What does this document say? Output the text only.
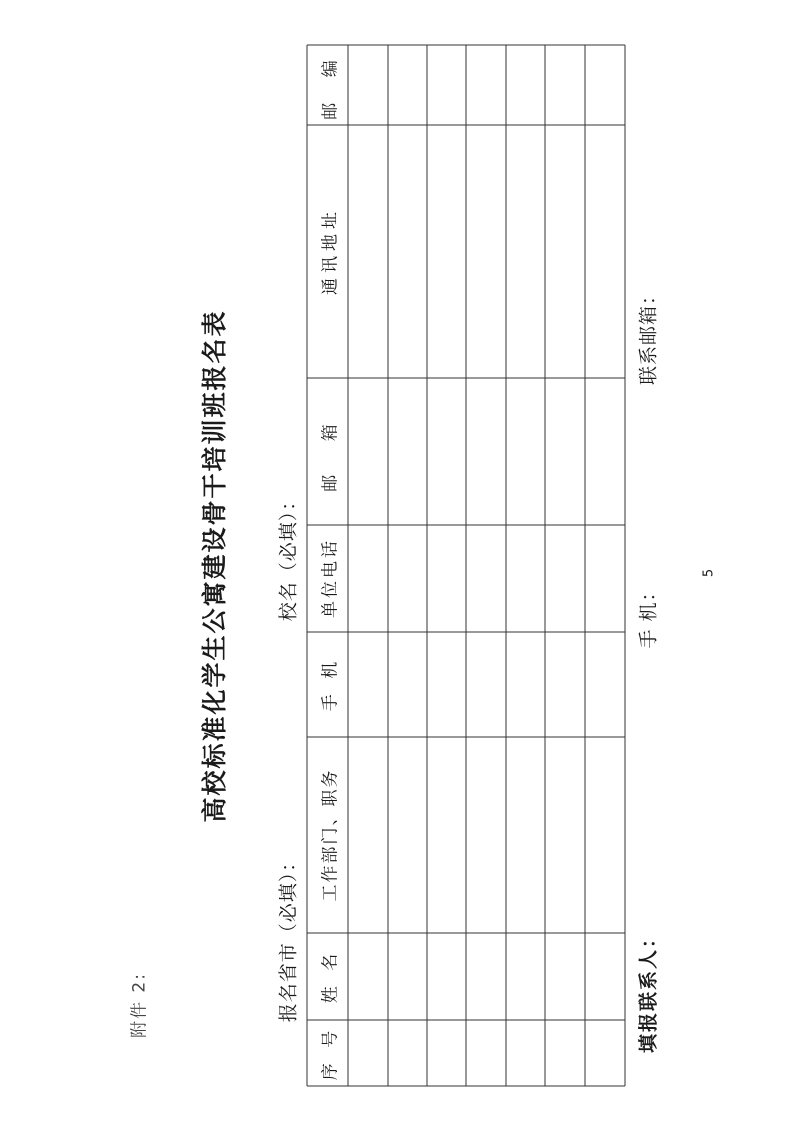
附件 2:
高校标准化学生公寓建设骨干培训班报名表
报名省市（必填）：
校名（必填）：
序 号
姓 名
工作部门、职务
手 机
单位电话
邮 箱
通讯地址
邮 编
填报联系人：
手 机：
联系邮箱：
5
